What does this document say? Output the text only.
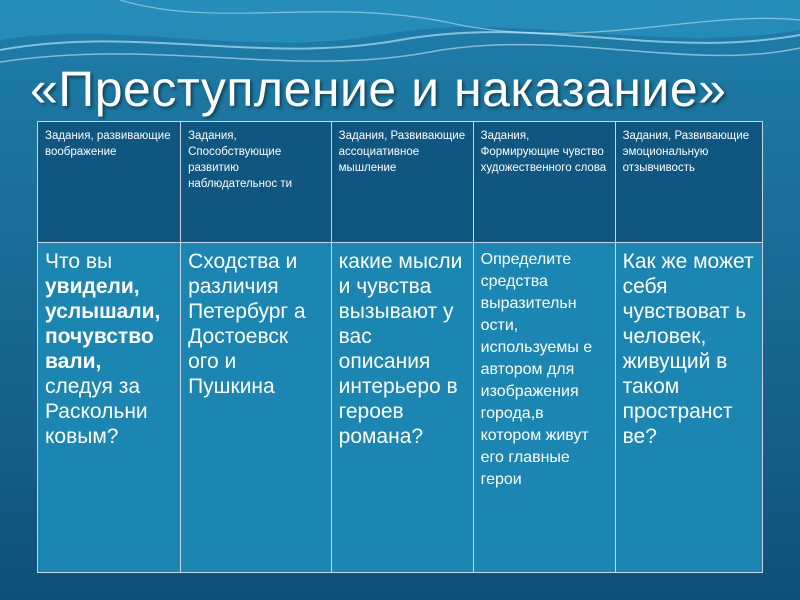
«Преступление и наказание»
Задания, развивающие воображение	Задания, Способствующие развитию наблюдательнос ти	Задания, Развивающие ассоциативное мышление	Задания, Формирующие чувство художественного слова	Задания, Развивающие эмоциональную отзывчивость
Что вы увидели, услышали, почувство вали, следуя за Раскольни ковым?	Сходства и различия Петербург а Достоевск ого и Пушкина	какие мысли и чувства вызывают у вас описания интерьеро в героев романа?	Определите средства выразительн ости, используемы е автором для изображения города,в котором живут его главные герои	Как же может себя чувствоват ь человек, живущий в таком пространст ве?
